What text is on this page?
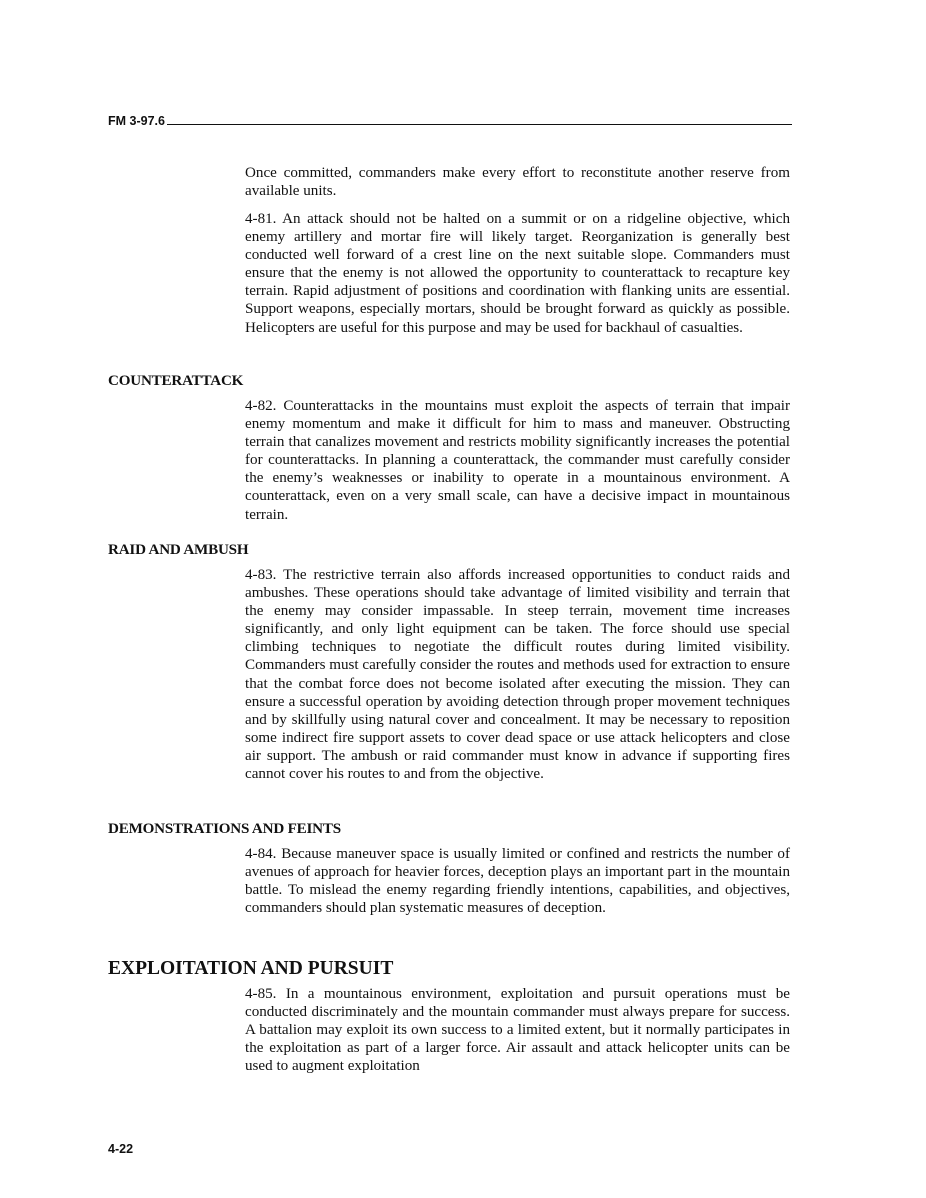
FM 3-97.6

Once committed, commanders make every effort to reconstitute another reserve from available units.

4-81. An attack should not be halted on a summit or on a ridgeline objective, which enemy artillery and mortar fire will likely target. Reorganization is generally best conducted well forward of a crest line on the next suitable slope. Commanders must ensure that the enemy is not allowed the opportunity to counterattack to recapture key terrain. Rapid adjustment of positions and coordination with flanking units are essential. Support weapons, especially mortars, should be brought forward as quickly as possible. Helicopters are useful for this purpose and may be used for backhaul of casualties.

COUNTERATTACK

4-82. Counterattacks in the mountains must exploit the aspects of terrain that impair enemy momentum and make it difficult for him to mass and maneuver. Obstructing terrain that canalizes movement and restricts mobility significantly increases the potential for counterattacks. In planning a counterattack, the commander must carefully consider the enemy’s weaknesses or inability to operate in a mountainous environment. A counterattack, even on a very small scale, can have a decisive impact in mountainous terrain.

RAID AND AMBUSH

4-83. The restrictive terrain also affords increased opportunities to conduct raids and ambushes. These operations should take advantage of limited visibility and terrain that the enemy may consider impassable. In steep terrain, movement time increases significantly, and only light equipment can be taken. The force should use special climbing techniques to negotiate the difficult routes during limited visibility. Commanders must carefully consider the routes and methods used for extraction to ensure that the combat force does not become isolated after executing the mission. They can ensure a successful operation by avoiding detection through proper movement techniques and by skillfully using natural cover and concealment. It may be necessary to reposition some indirect fire support assets to cover dead space or use attack helicopters and close air support. The ambush or raid commander must know in advance if supporting fires cannot cover his routes to and from the objective.

DEMONSTRATIONS AND FEINTS

4-84. Because maneuver space is usually limited or confined and restricts the number of avenues of approach for heavier forces, deception plays an important part in the mountain battle. To mislead the enemy regarding friendly intentions, capabilities, and objectives, commanders should plan systematic measures of deception.

EXPLOITATION AND PURSUIT

4-85. In a mountainous environment, exploitation and pursuit operations must be conducted discriminately and the mountain commander must always prepare for success. A battalion may exploit its own success to a limited extent, but it normally participates in the exploitation as part of a larger force. Air assault and attack helicopter units can be used to augment exploitation

4-22
